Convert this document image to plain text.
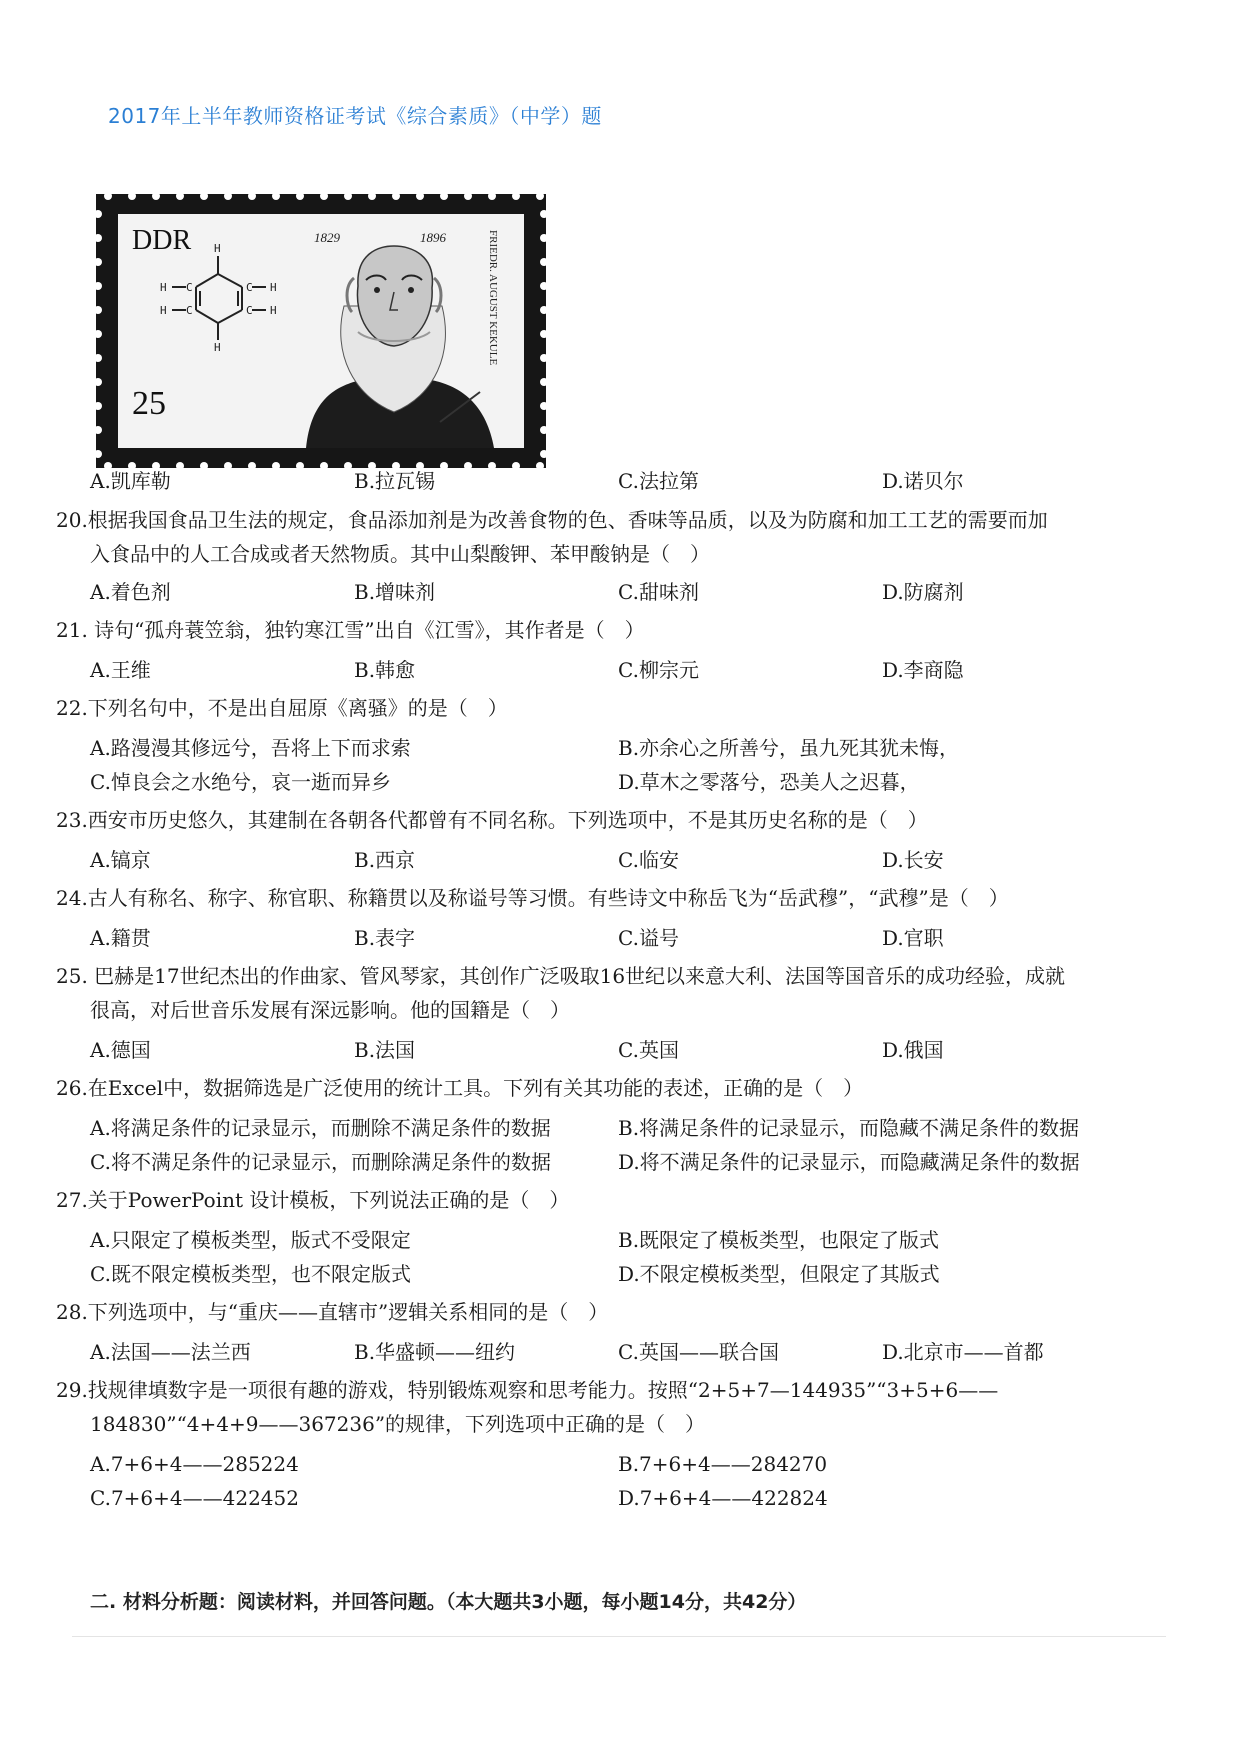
2017年上半年教师资格证考试《综合素质》（中学）题
DDR	1829	1896	FRIEDR. AUGUST KEKULE
H
H C	C H
H C	C H
H
25
A.凯库勒	B.拉瓦锡	C.法拉第	D.诺贝尔
20.根据我国食品卫生法的规定，食品添加剂是为改善食物的色、香味等品质，以及为防腐和加工工艺的需要而加
入食品中的人工合成或者天然物质。其中山梨酸钾、苯甲酸钠是（　）
A.着色剂	B.增味剂	C.甜味剂	D.防腐剂
21. 诗句“孤舟蓑笠翁，独钓寒江雪”出自《江雪》，其作者是（　）
A.王维	B.韩愈	C.柳宗元	D.李商隐
22.下列名句中，不是出自屈原《离骚》的是（　）
A.路漫漫其修远兮，吾将上下而求索	B.亦余心之所善兮，虽九死其犹未悔，
C.悼良会之水绝兮，哀一逝而异乡	D.草木之零落兮，恐美人之迟暮，
23.西安市历史悠久，其建制在各朝各代都曾有不同名称。下列选项中，不是其历史名称的是（　）
A.镐京	B.西京	C.临安	D.长安
24.古人有称名、称字、称官职、称籍贯以及称谥号等习惯。有些诗文中称岳飞为“岳武穆”，“武穆”是（　）
A.籍贯	B.表字	C.谥号	D.官职
25. 巴赫是17世纪杰出的作曲家、管风琴家，其创作广泛吸取16世纪以来意大利、法国等国音乐的成功经验，成就
很高，对后世音乐发展有深远影响。他的国籍是（　）
A.德国	B.法国	C.英国	D.俄国
26.在Excel中，数据筛选是广泛使用的统计工具。下列有关其功能的表述，正确的是（　）
A.将满足条件的记录显示，而删除不满足条件的数据	B.将满足条件的记录显示，而隐藏不满足条件的数据
C.将不满足条件的记录显示，而删除满足条件的数据	D.将不满足条件的记录显示，而隐藏满足条件的数据
27.关于PowerPoint 设计模板，下列说法正确的是（　）
A.只限定了模板类型，版式不受限定	B.既限定了模板类型，也限定了版式
C.既不限定模板类型，也不限定版式	D.不限定模板类型，但限定了其版式
28.下列选项中，与“重庆——直辖市”逻辑关系相同的是（　）
A.法国——法兰西	B.华盛顿——纽约	C.英国——联合国	D.北京市——首都
29.找规律填数字是一项很有趣的游戏，特别锻炼观察和思考能力。按照“2+5+7—144935”“3+5+6——
184830”“4+4+9——367236”的规律，下列选项中正确的是（　）
A.7+6+4——285224	B.7+6+4——284270
C.7+6+4——422452	D.7+6+4——422824
二. 材料分析题：阅读材料，并回答问题。（本大题共3小题，每小题14分，共42分）
